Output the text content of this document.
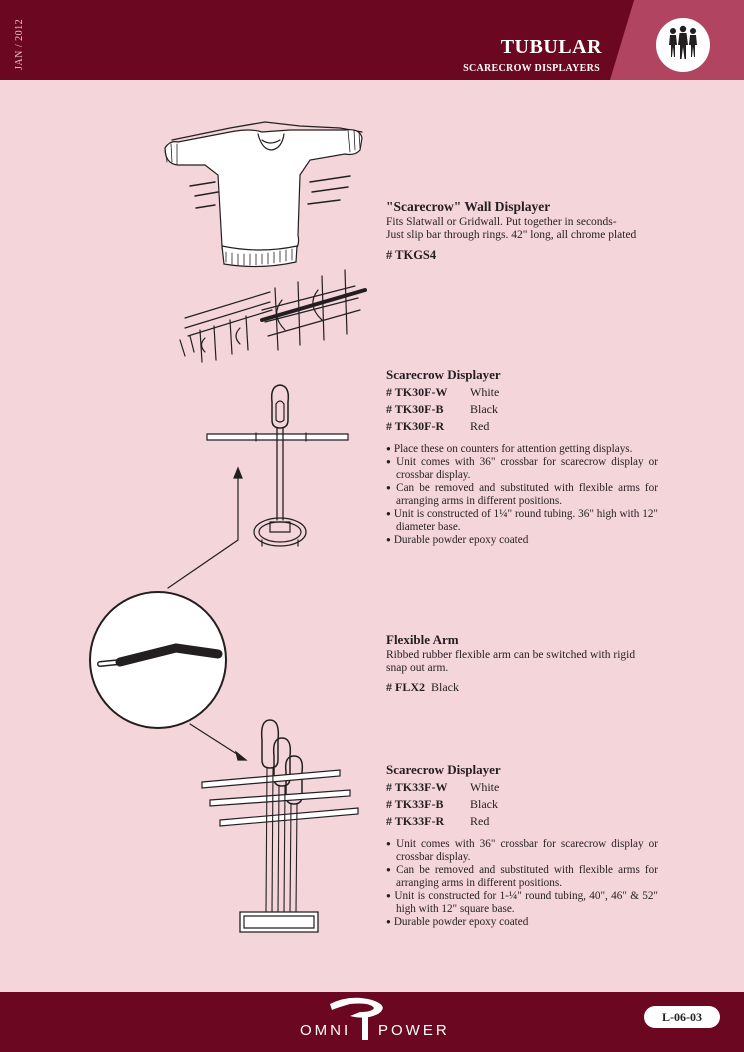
JAN / 2012	TUBULAR
SCARECROW DISPLAYERS
"Scarecrow" Wall Displayer
Fits Slatwall or Gridwall. Put together in seconds-
Just slip bar through rings. 42" long, all chrome plated
# TKGS4
Scarecrow Displayer
# TK30F-W	White
# TK30F-B	Black
# TK30F-R	Red
● Place these on counters for attention getting displays.
● Unit comes with 36" crossbar for scarecrow display or crossbar display.
● Can be removed and substituted with flexible arms for arranging arms in different positions.
● Unit is constructed of 1¼" round tubing. 36" high with 12" diameter base.
● Durable powder epoxy coated
Flexible Arm
Ribbed rubber flexible arm can be switched with rigid
snap out arm.
# FLX2 Black
Scarecrow Displayer
# TK33F-W	White
# TK33F-B	Black
# TK33F-R	Red
● Unit comes with 36" crossbar for scarecrow display or crossbar display.
● Can be removed and substituted with flexible arms for arranging arms in different positions.
● Unit is constructed for 1-¼" round tubing, 40", 46" & 52" high with 12" square base.
● Durable powder epoxy coated
OMNI POWER
L-06-03
